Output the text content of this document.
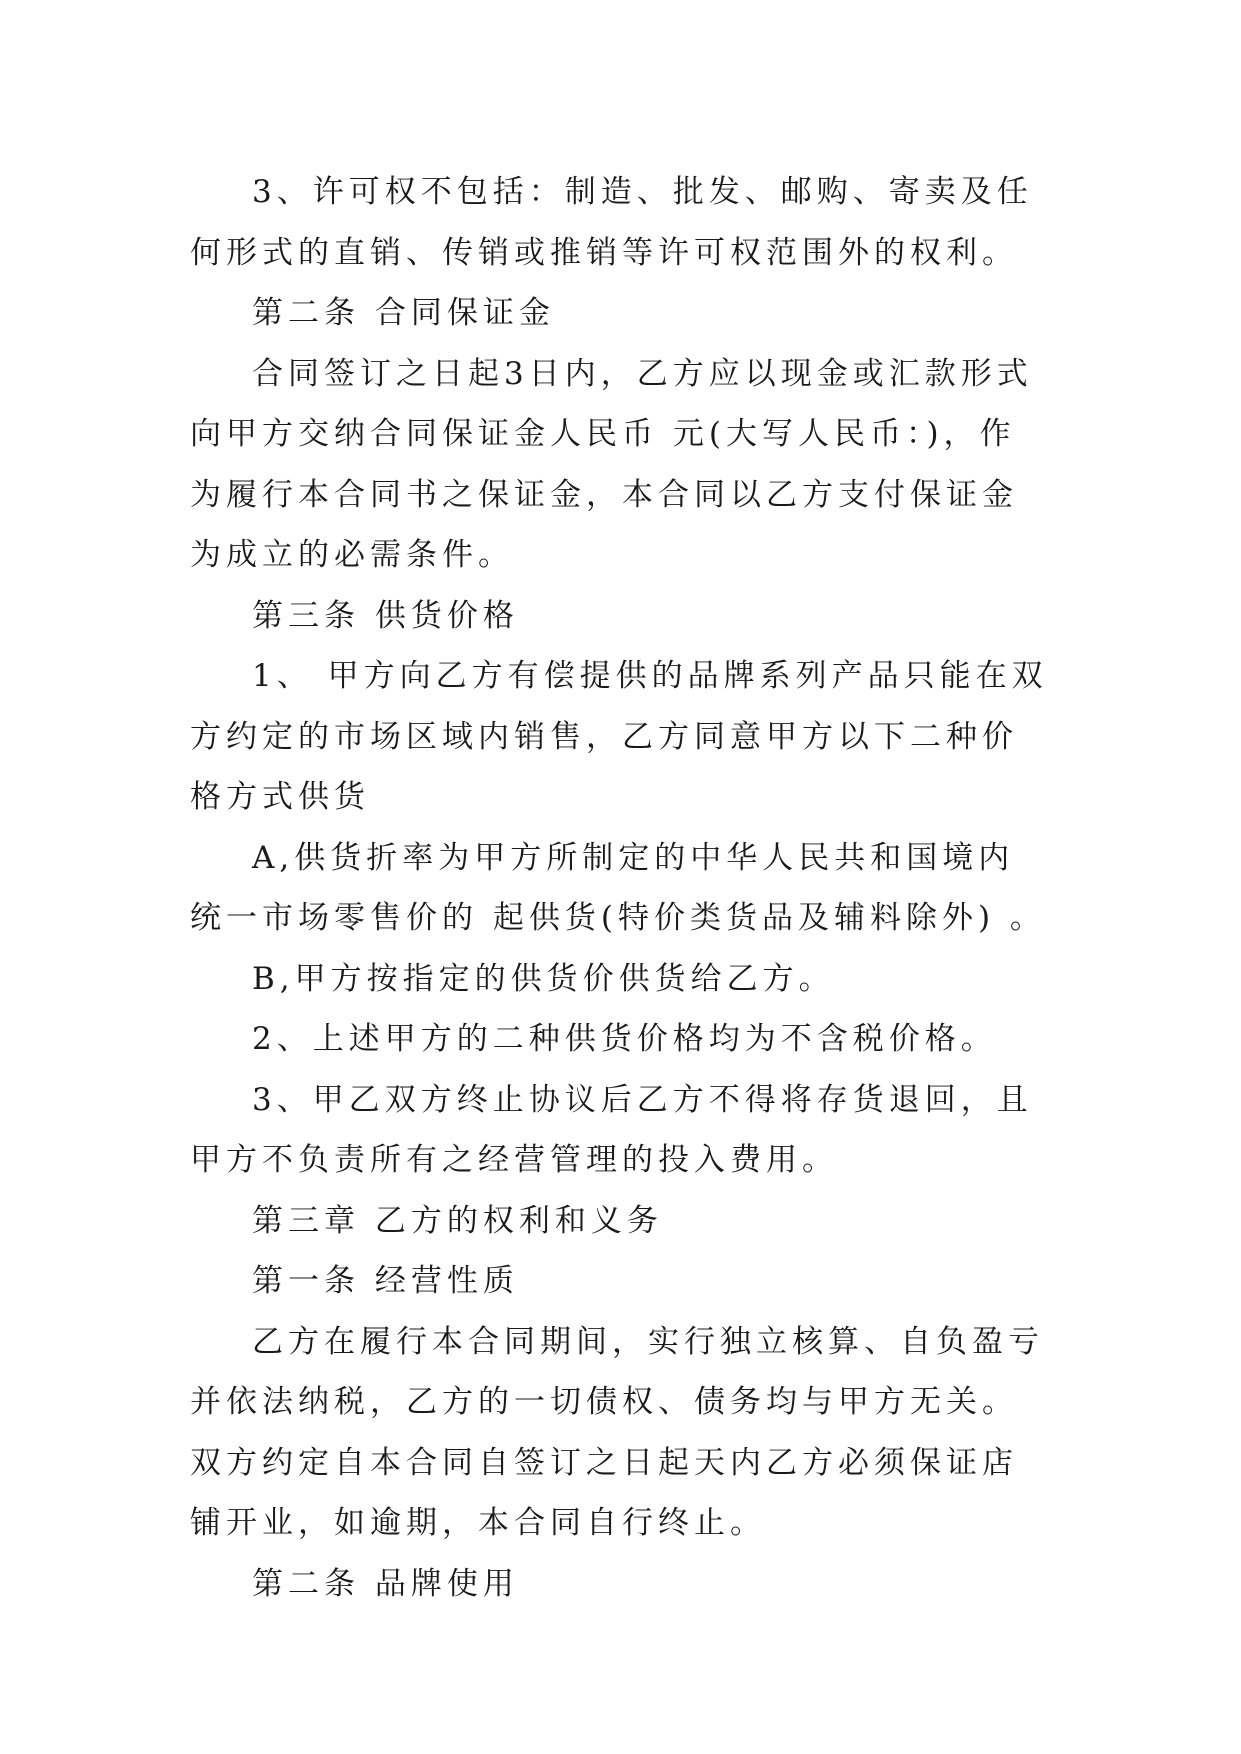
3、许可权不包括：制造、批发、邮购、寄卖及任何形式的直销、传销或推销等许可权范围外的权利。

第二条 合同保证金

合同签订之日起3日内，乙方应以现金或汇款形式向甲方交纳合同保证金人民币 元(大写人民币：)，作为履行本合同书之保证金，本合同以乙方支付保证金为成立的必需条件。

第三条 供货价格

1、 甲方向乙方有偿提供的品牌系列产品只能在双方约定的市场区域内销售，乙方同意甲方以下二种价格方式供货

A,供货折率为甲方所制定的中华人民共和国境内统一市场零售价的 起供货(特价类货品及辅料除外) 。

B,甲方按指定的供货价供货给乙方。

2、上述甲方的二种供货价格均为不含税价格。

3、甲乙双方终止协议后乙方不得将存货退回，且甲方不负责所有之经营管理的投入费用。

第三章 乙方的权利和义务

第一条 经营性质

乙方在履行本合同期间，实行独立核算、自负盈亏并依法纳税，乙方的一切债权、债务均与甲方无关。双方约定自本合同自签订之日起天内乙方必须保证店铺开业，如逾期，本合同自行终止。

第二条 品牌使用
